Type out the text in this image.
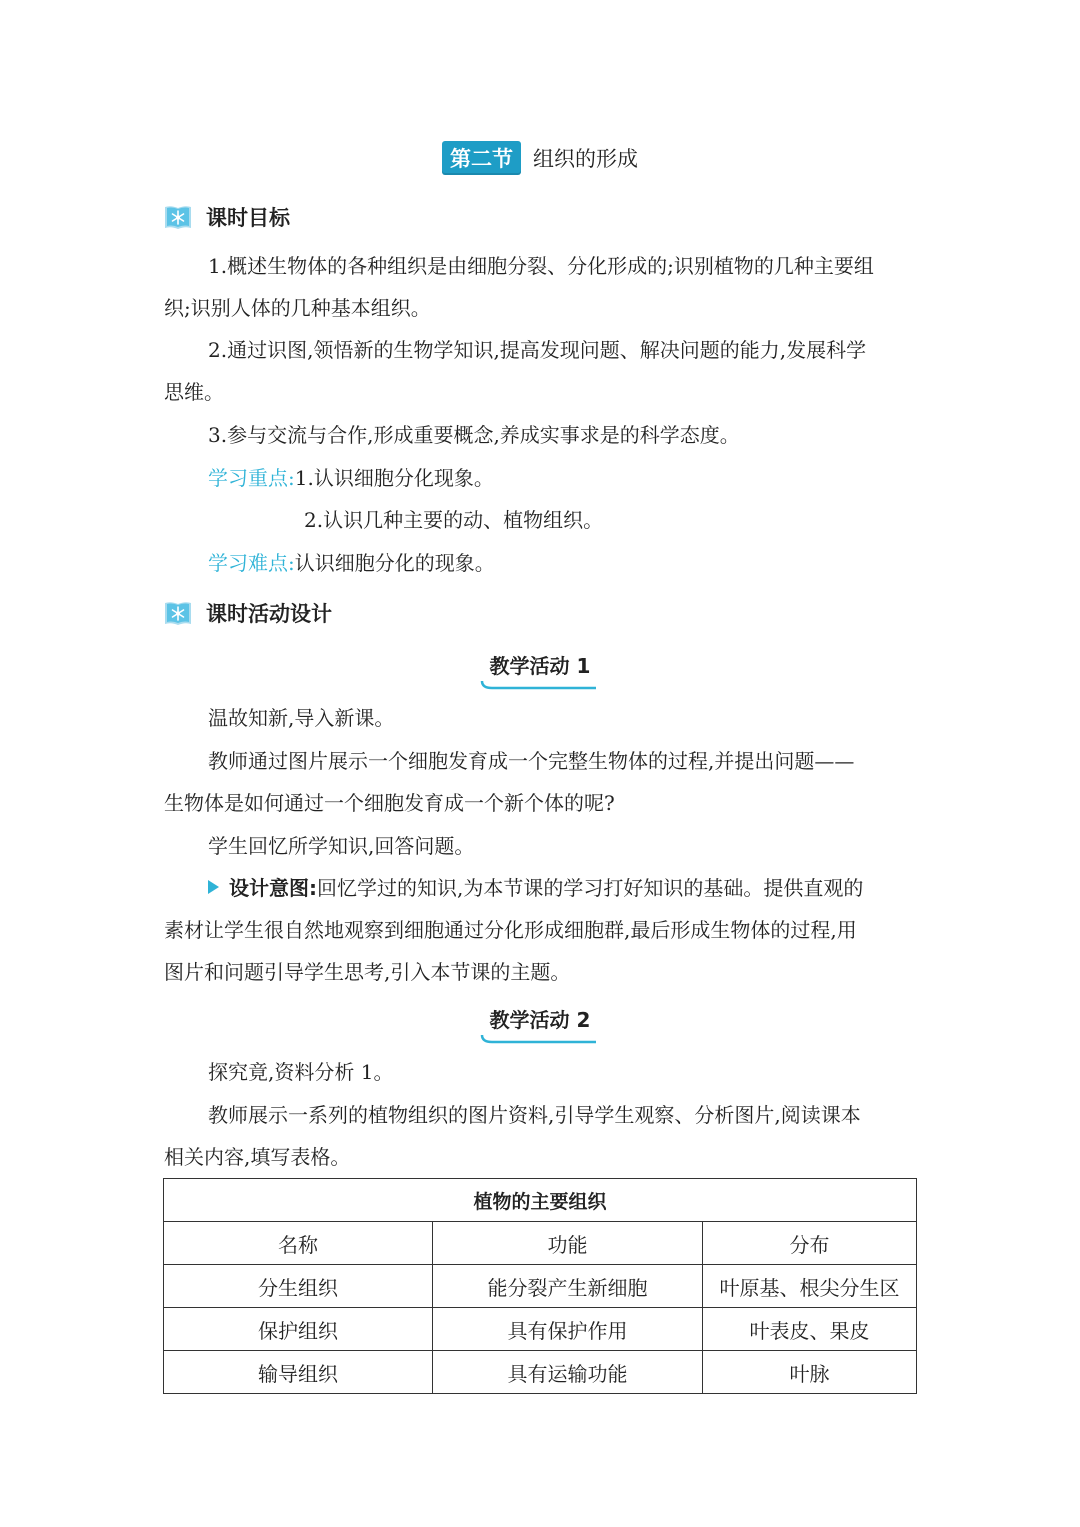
第二节 组织的形成
课时目标
1.概述生物体的各种组织是由细胞分裂、分化形成的;识别植物的几种主要组
织;识别人体的几种基本组织。
2.通过识图,领悟新的生物学知识,提高发现问题、解决问题的能力,发展科学
思维。
3.参与交流与合作,形成重要概念,养成实事求是的科学态度。
学习重点:1.认识细胞分化现象。
2.认识几种主要的动、植物组织。
学习难点:认识细胞分化的现象。
课时活动设计
教学活动 1
温故知新,导入新课。
教师通过图片展示一个细胞发育成一个完整生物体的过程,并提出问题——
生物体是如何通过一个细胞发育成一个新个体的呢?
学生回忆所学知识,回答问题。
设计意图:回忆学过的知识,为本节课的学习打好知识的基础。提供直观的
素材让学生很自然地观察到细胞通过分化形成细胞群,最后形成生物体的过程,用
图片和问题引导学生思考,引入本节课的主题。
教学活动 2
探究竟,资料分析 1。
教师展示一系列的植物组织的图片资料,引导学生观察、分析图片,阅读课本
相关内容,填写表格。
植物的主要组织		
名称	功能	分布
分生组织	能分裂产生新细胞	叶原基、根尖分生区
保护组织	具有保护作用	叶表皮、果皮
输导组织	具有运输功能	叶脉
